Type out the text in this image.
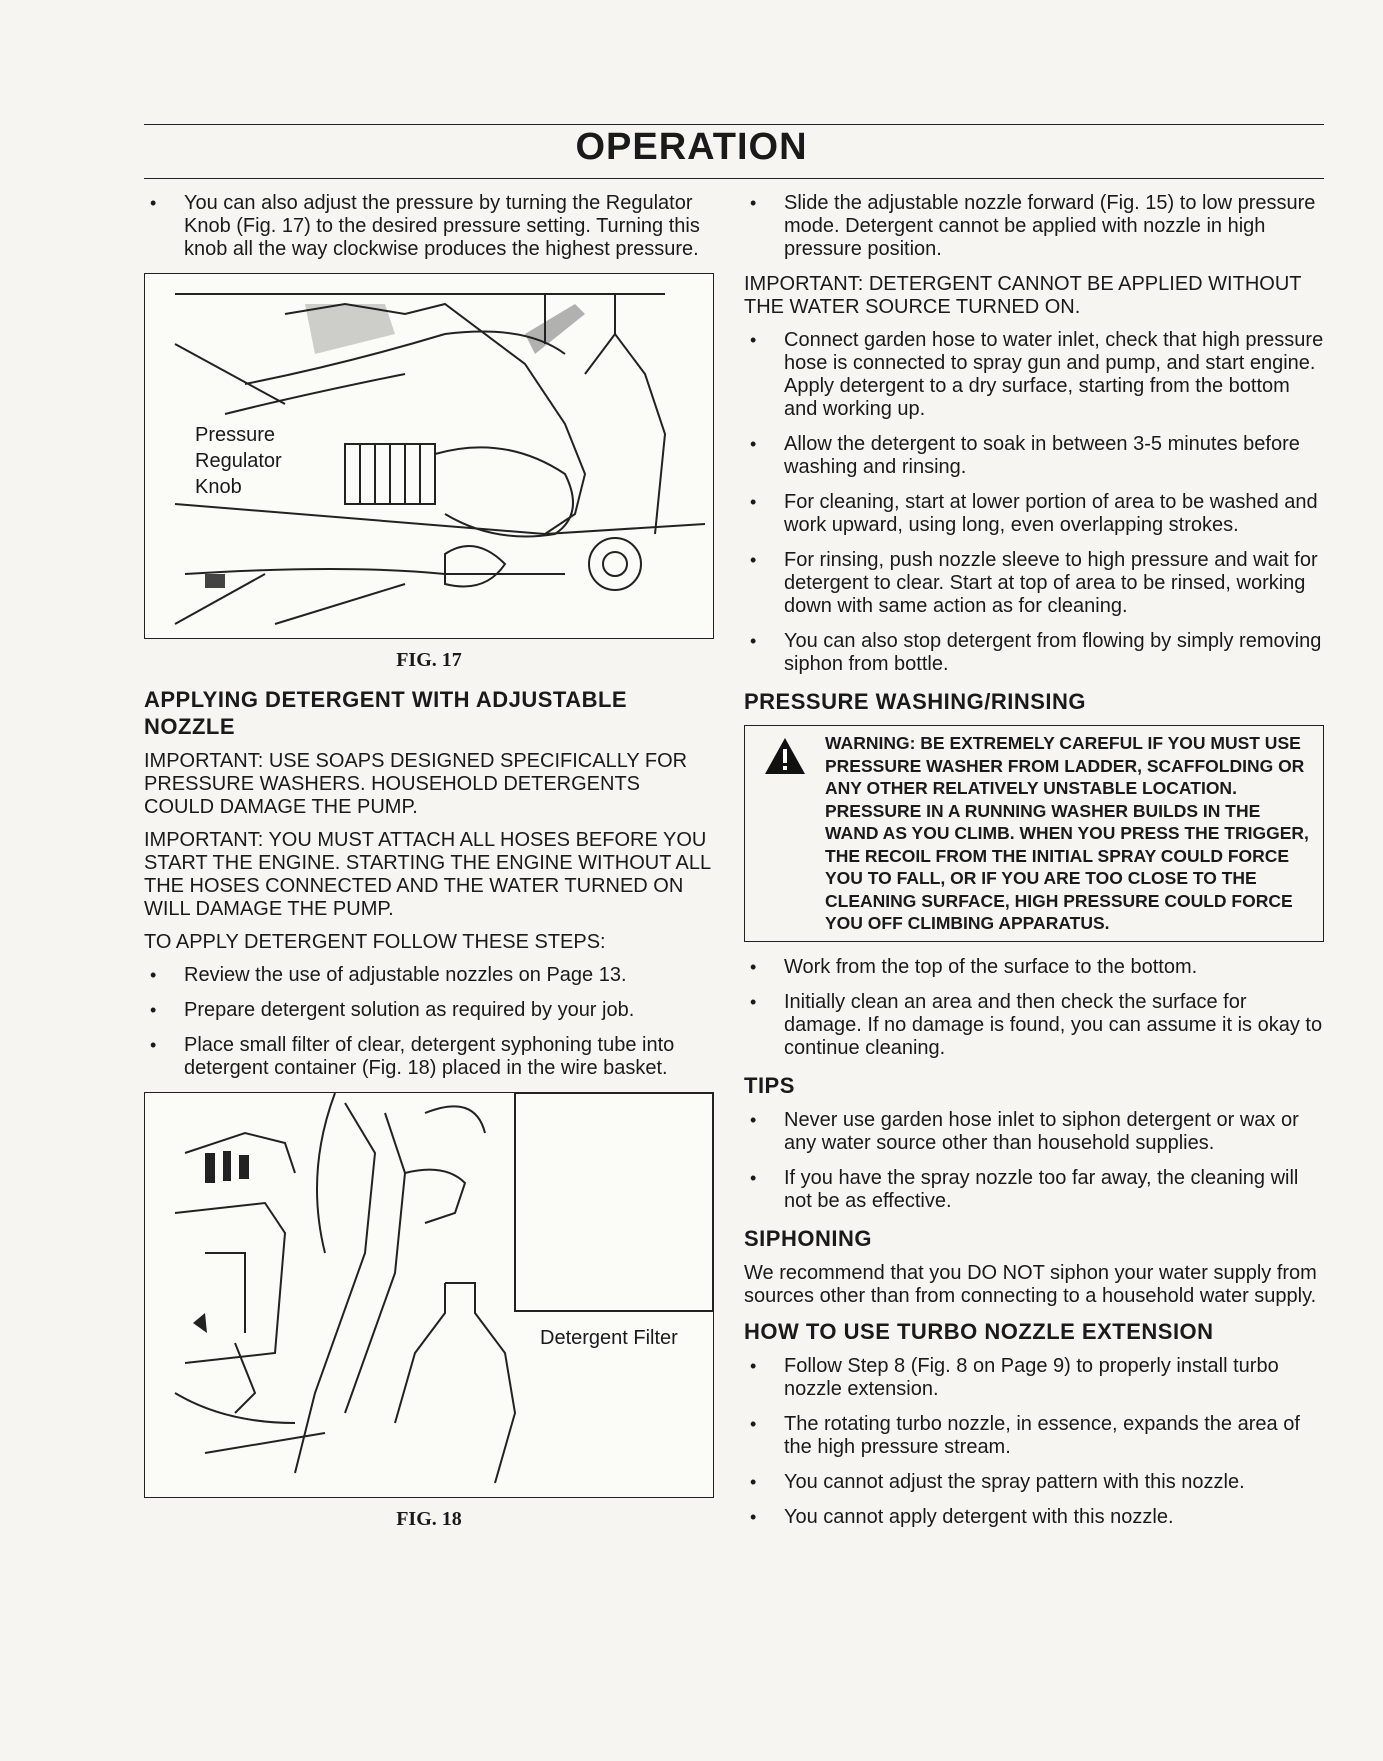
OPERATION
• You can also adjust the pressure by turning the Regulator Knob (Fig. 17) to the desired pressure setting. Turning this knob all the way clockwise produces the highest pressure.
Pressure Regulator Knob
FIG. 17
APPLYING DETERGENT WITH ADJUSTABLE NOZZLE

IMPORTANT: USE SOAPS DESIGNED SPECIFICALLY FOR PRESSURE WASHERS. HOUSEHOLD DETERGENTS COULD DAMAGE THE PUMP.

IMPORTANT: YOU MUST ATTACH ALL HOSES BEFORE YOU START THE ENGINE. STARTING THE ENGINE WITHOUT ALL THE HOSES CONNECTED AND THE WATER TURNED ON WILL DAMAGE THE PUMP.

TO APPLY DETERGENT FOLLOW THESE STEPS:

• Review the use of adjustable nozzles on Page 13.
• Prepare detergent solution as required by your job.
• Place small filter of clear, detergent syphoning tube into detergent container (Fig. 18) placed in the wire basket.
Detergent Filter
FIG. 18
• Slide the adjustable nozzle forward (Fig. 15) to low pressure mode. Detergent cannot be applied with nozzle in high pressure position.

IMPORTANT: DETERGENT CANNOT BE APPLIED WITHOUT THE WATER SOURCE TURNED ON.

• Connect garden hose to water inlet, check that high pressure hose is connected to spray gun and pump, and start engine. Apply detergent to a dry surface, starting from the bottom and working up.
• Allow the detergent to soak in between 3-5 minutes before washing and rinsing.
• For cleaning, start at lower portion of area to be washed and work upward, using long, even overlapping strokes.
• For rinsing, push nozzle sleeve to high pressure and wait for detergent to clear. Start at top of area to be rinsed, working down with same action as for cleaning.
• You can also stop detergent from flowing by simply removing siphon from bottle.
PRESSURE WASHING/RINSING
WARNING: BE EXTREMELY CAREFUL IF YOU MUST USE PRESSURE WASHER FROM LADDER, SCAFFOLDING OR ANY OTHER RELATIVELY UNSTABLE LOCATION. PRESSURE IN A RUNNING WASHER BUILDS IN THE WAND AS YOU CLIMB. WHEN YOU PRESS THE TRIGGER, THE RECOIL FROM THE INITIAL SPRAY COULD FORCE YOU TO FALL, OR IF YOU ARE TOO CLOSE TO THE CLEANING SURFACE, HIGH PRESSURE COULD FORCE YOU OFF CLIMBING APPARATUS.
• Work from the top of the surface to the bottom.
• Initially clean an area and then check the surface for damage. If no damage is found, you can assume it is okay to continue cleaning.
TIPS
• Never use garden hose inlet to siphon detergent or wax or any water source other than household supplies.
• If you have the spray nozzle too far away, the cleaning will not be as effective.
SIPHONING

We recommend that you DO NOT siphon your water supply from sources other than from connecting to a household water supply.

HOW TO USE TURBO NOZZLE EXTENSION
• Follow Step 8 (Fig. 8 on Page 9) to properly install turbo nozzle extension.
• The rotating turbo nozzle, in essence, expands the area of the high pressure stream.
• You cannot adjust the spray pattern with this nozzle.
• You cannot apply detergent with this nozzle.
